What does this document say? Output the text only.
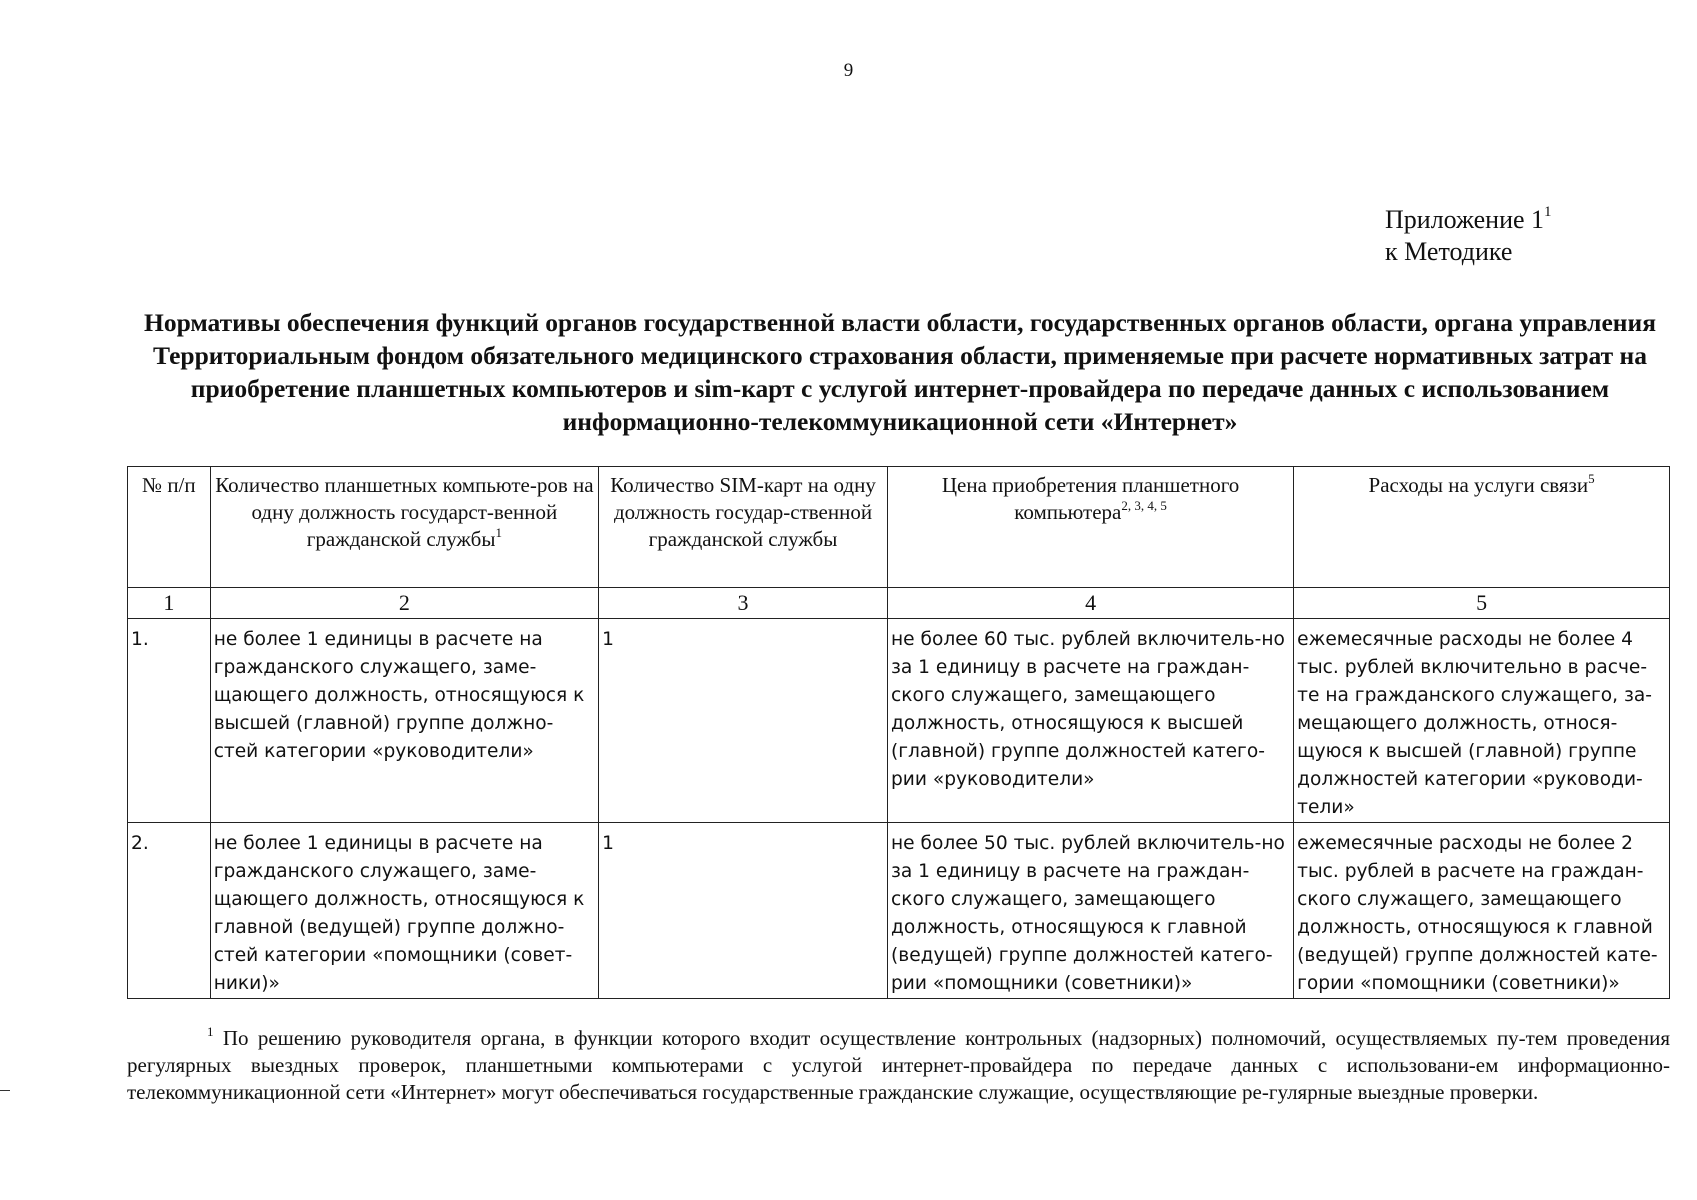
9
Приложение $1^1$
к Методике
Нормативы обеспечения функций органов государственной власти области, государственных органов области, органа управления Территориальным фондом обязательного медицинского страхования области, применяемые при расчете нормативных затрат на приобретение планшетных компьютеров и sim-карт с услугой интернет-провайдера по передаче данных с использованием информационно-телекоммуникационной сети «Интернет»
№ п/п	Количество планшетных компьюте-ров на одну должность государст-венной гражданской службы$^1$	Количество SIM-карт на одну должность государ-ственной гражданской службы	Цена приобретения планшетного компьютера$^{2, 3, 4, 5}$	Расходы на услуги связи$^5$
1	2	3	4	5
1.	не более 1 единицы в расчете на гражданского служащего, заме-щающего должность, относящуюся к высшей (главной) группе должно-стей категории «руководители»	1	не более 60 тыс. рублей включитель-но за 1 единицу в расчете на граждан-ского служащего, замещающего должность, относящуюся к высшей (главной) группе должностей катего-рии «руководители»	ежемесячные расходы не более 4 тыс. рублей включительно в расче-те на гражданского служащего, за-мещающего должность, относя-щуюся к высшей (главной) группе должностей категории «руководи-тели»
2.	не более 1 единицы в расчете на гражданского служащего, заме-щающего должность, относящуюся к главной (ведущей) группе должно-стей категории «помощники (совет-ники)»	1	не более 50 тыс. рублей включитель-но за 1 единицу в расчете на граждан-ского служащего, замещающего должность, относящуюся к главной (ведущей) группе должностей катего-рии «помощники (советники)»	ежемесячные расходы не более 2 тыс. рублей в расчете на граждан-ского служащего, замещающего должность, относящуюся к главной (ведущей) группе должностей кате-гории «помощники (советники)»
$^1$ По решению руководителя органа, в функции которого входит осуществление контрольных (надзорных) полномочий, осуществляемых пу-тем проведения регулярных выездных проверок, планшетными компьютерами с услугой интернет-провайдера по передаче данных с использовани-ем информационно-телекоммуникационной сети «Интернет» могут обеспечиваться государственные гражданские служащие, осуществляющие ре-гулярные выездные проверки.
